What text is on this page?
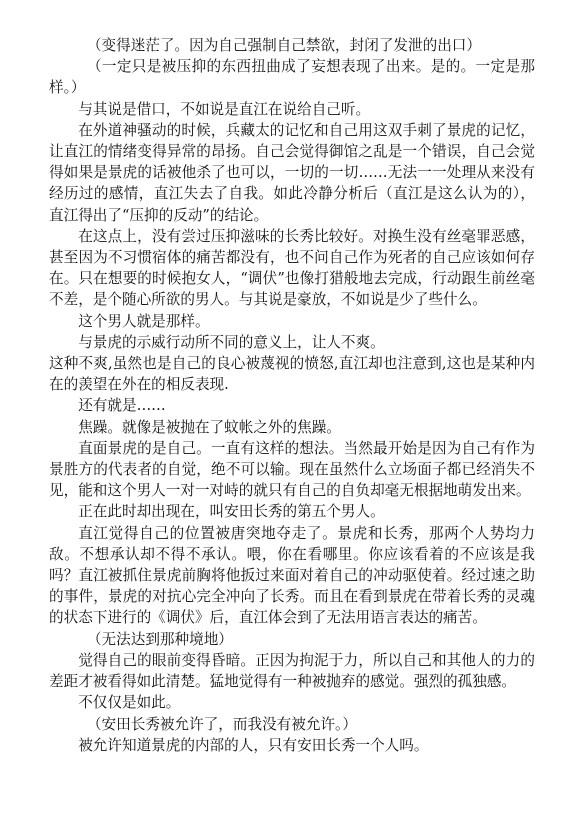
（变得迷茫了。因为自己强制自己禁欲，封闭了发泄的出口）

（一定只是被压抑的东西扭曲成了妄想表现了出来。是的。一定是那样。）

与其说是借口，不如说是直江在说给自己听。

在外道神骚动的时候，兵藏太的记忆和自己用这双手刺了景虎的记忆，让直江的情绪变得异常的昂扬。自己会觉得御馆之乱是一个错误，自己会觉得如果是景虎的话被他杀了也可以，一切的一切……无法一一处理从来没有经历过的感情，直江失去了自我。如此冷静分析后（直江是这么认为的），直江得出了“压抑的反动”的结论。

在这点上，没有尝过压抑滋味的长秀比较好。对换生没有丝毫罪恶感，甚至因为不习惯宿体的痛苦都没有，也不问自己作为死者的自己应该如何存在。只在想要的时候抱女人，“调伏”也像打猎般地去完成，行动跟生前丝毫不差，是个随心所欲的男人。与其说是豪放，不如说是少了些什么。

这个男人就是那样。

与景虎的示威行动所不同的意义上，让人不爽。

这种不爽,虽然也是自己的良心被蔑视的愤怒,直江却也注意到,这也是某种内在的羡望在外在的相反表现.

还有就是……

焦躁。就像是被抛在了蚊帐之外的焦躁。

直面景虎的是自己。一直有这样的想法。当然最开始是因为自己有作为景胜方的代表者的自觉，绝不可以输。现在虽然什么立场面子都已经消失不见，能和这个男人一对一对峙的就只有自己的自负却毫无根据地萌发出来。

正在此时却出现在，叫安田长秀的第五个男人。

直江觉得自己的位置被唐突地夺走了。景虎和长秀，那两个人势均力敌。不想承认却不得不承认。喂，你在看哪里。你应该看着的不应该是我吗？直江被抓住景虎前胸将他扳过来面对着自己的冲动驱使着。经过速之助的事件，景虎的对抗心完全冲向了长秀。而且在看到景虎在带着长秀的灵魂的状态下进行的《调伏》后，直江体会到了无法用语言表达的痛苦。

（无法达到那种境地）

觉得自己的眼前变得昏暗。正因为拘泥于力，所以自己和其他人的力的差距才被看得如此清楚。猛地觉得有一种被抛弃的感觉。强烈的孤独感。

不仅仅是如此。

（安田长秀被允许了，而我没有被允许。）

被允许知道景虎的内部的人，只有安田长秀一个人吗。
